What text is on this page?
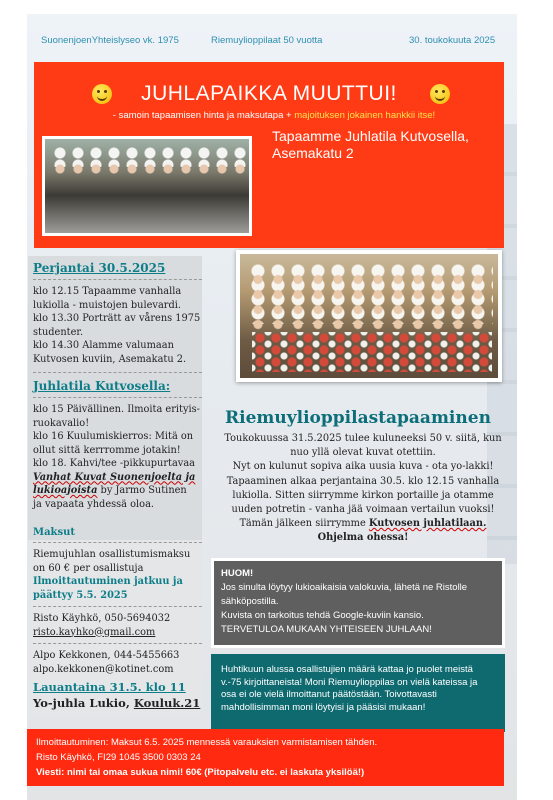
SuonenjoenYhteislyseo vk. 1975	Riemuylioppilaat 50 vuotta	30. toukokuuta 2025
JUHLAPAIKKA MUUTTUI!
- samoin tapaamisen hinta ja maksutapa + majoituksen jokainen hankkii itse!
Tapaamme Juhlatila Kutvosella,
Asemakatu 2

Perjantai 30.5.2025

klo 12.15 Tapaamme vanhalla lukiolla - muistojen bulevardi.

klo 13.30 Porträtt av vårens 1975 studenter.

klo 14.30 Alamme valumaan Kutvosen kuviin, Asemakatu 2.

Juhlatila Kutvosella:

klo 15 Päivällinen. Ilmoita erityis-ruokavalio!

klo 16 Kuulumiskierros: Mitä on ollut sittä kerrromme jotakin!

klo 18. Kahvi/tee -pikkupurtavaa

Vanhat Kuvat Suonenjoelta ja lukioajoista by Jarmo Sutinen

ja vapaata yhdessä oloa.

Maksut

Riemujuhlan osallistumismaksu on 60 € per osallistuja

Ilmoittautuminen jatkuu ja päättyy 5.5. 2025

Risto Käyhkö, 050-5694032

risto.kayhko@gmail.com

Alpo Kekkonen, 044-5455663

alpo.kekkonen@kotinet.com

Lauantaina 31.5. klo 11

Yo-juhla Lukio, Kouluk.21

Riemuylioppilastapaaminen

Toukokuussa 31.5.2025 tulee kuluneeksi 50 v. siitä, kun nuo yllä olevat kuvat otettiin.

Nyt on kulunut sopiva aika uusia kuva - ota yo-lakki!

Tapaaminen alkaa perjantaina 30.5. klo 12.15 vanhalla lukiolla. Sitten siirrymme kirkon portaille ja otamme uuden potretin - vanha jää voimaan vertailun vuoksi!

Tämän jälkeen siirrymme Kutvosen juhlatilaan.

Ohjelma ohessa!

HUOM!
Jos sinulta löytyy lukioaikaisia valokuvia, lähetä ne Ristolle sähköpostilla.
Kuvista on tarkoitus tehdä Google-kuviin kansio.
TERVETULOA MUKAAN YHTEISEEN JUHLAAN!
Huhtikuun alussa osallistujien määrä kattaa jo puolet meistä v.-75 kirjoittaneista! Moni Riemuylioppilas on vielä kateissa ja osa ei ole vielä ilmoittanut päätöstään. Toivottavasti mahdollisimman moni löytyisi ja pääsisi mukaan!

Ilmoittautuminen: Maksut 6.5. 2025 mennessä varauksien varmistamisen tähden.

Risto Käyhkö, FI29 1045 3500 0303 24

Viesti: nimi tai omaa sukua nimi! 60€ (Pitopalvelu etc. ei laskuta yksilöä!)
